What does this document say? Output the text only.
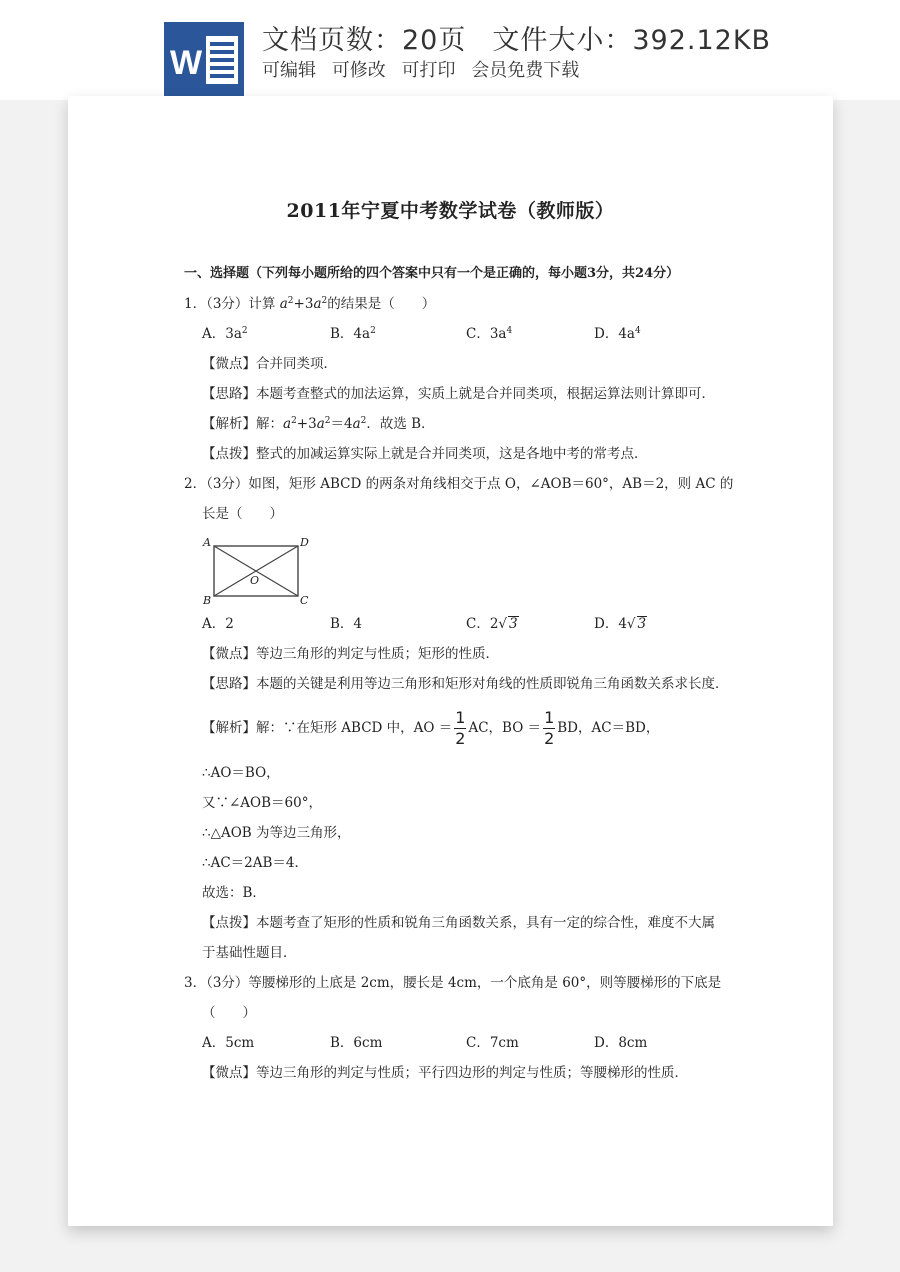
W
文档页数：20页 文件大小：392.12KB
可编辑 可修改 可打印 会员免费下载
2011年宁夏中考数学试卷（教师版）
一、选择题（下列每小题所给的四个答案中只有一个是正确的，每小题3分，共24分）
1．（3分）计算 $a^2+3a^2$的结果是（　　）
A．$3a^2$	B．$4a^2$	C．$3a^4$	D．$4a^4$
【微点】合并同类项．
【思路】本题考查整式的加法运算，实质上就是合并同类项，根据运算法则计算即可．
【解析】解：$a^2+3a^2=4a^2$．故选 B．
【点拨】整式的加减运算实际上就是合并同类项，这是各地中考的常考点．
2．（3分）如图，矩形 ABCD 的两条对角线相交于点 O，∠AOB＝60°，AB＝2，则 AC 的
长是（　　）
A	D
O
B	C
A．2	B．4	C．2√ 3	D．4√ 3
【微点】等边三角形的判定与性质；矩形的性质．
【思路】本题的关键是利用等边三角形和矩形对角线的性质即锐角三角函数关系求长度．
【解析】解：∵在矩形 ABCD 中，AO ＝ $\frac{1}{2}$ AC，BO ＝ $\frac{1}{2}$ BD，AC＝BD，
∴AO＝BO，
又∵∠AOB＝60°，
∴△AOB 为等边三角形，
∴AC＝2AB＝4．
故选：B．
【点拨】本题考查了矩形的性质和锐角三角函数关系，具有一定的综合性，难度不大属
于基础性题目．
3．（3分）等腰梯形的上底是 2cm，腰长是 4cm，一个底角是 60°，则等腰梯形的下底是
（　　）
A．5cm	B．6cm	C．7cm	D．8cm
【微点】等边三角形的判定与性质；平行四边形的判定与性质；等腰梯形的性质．
